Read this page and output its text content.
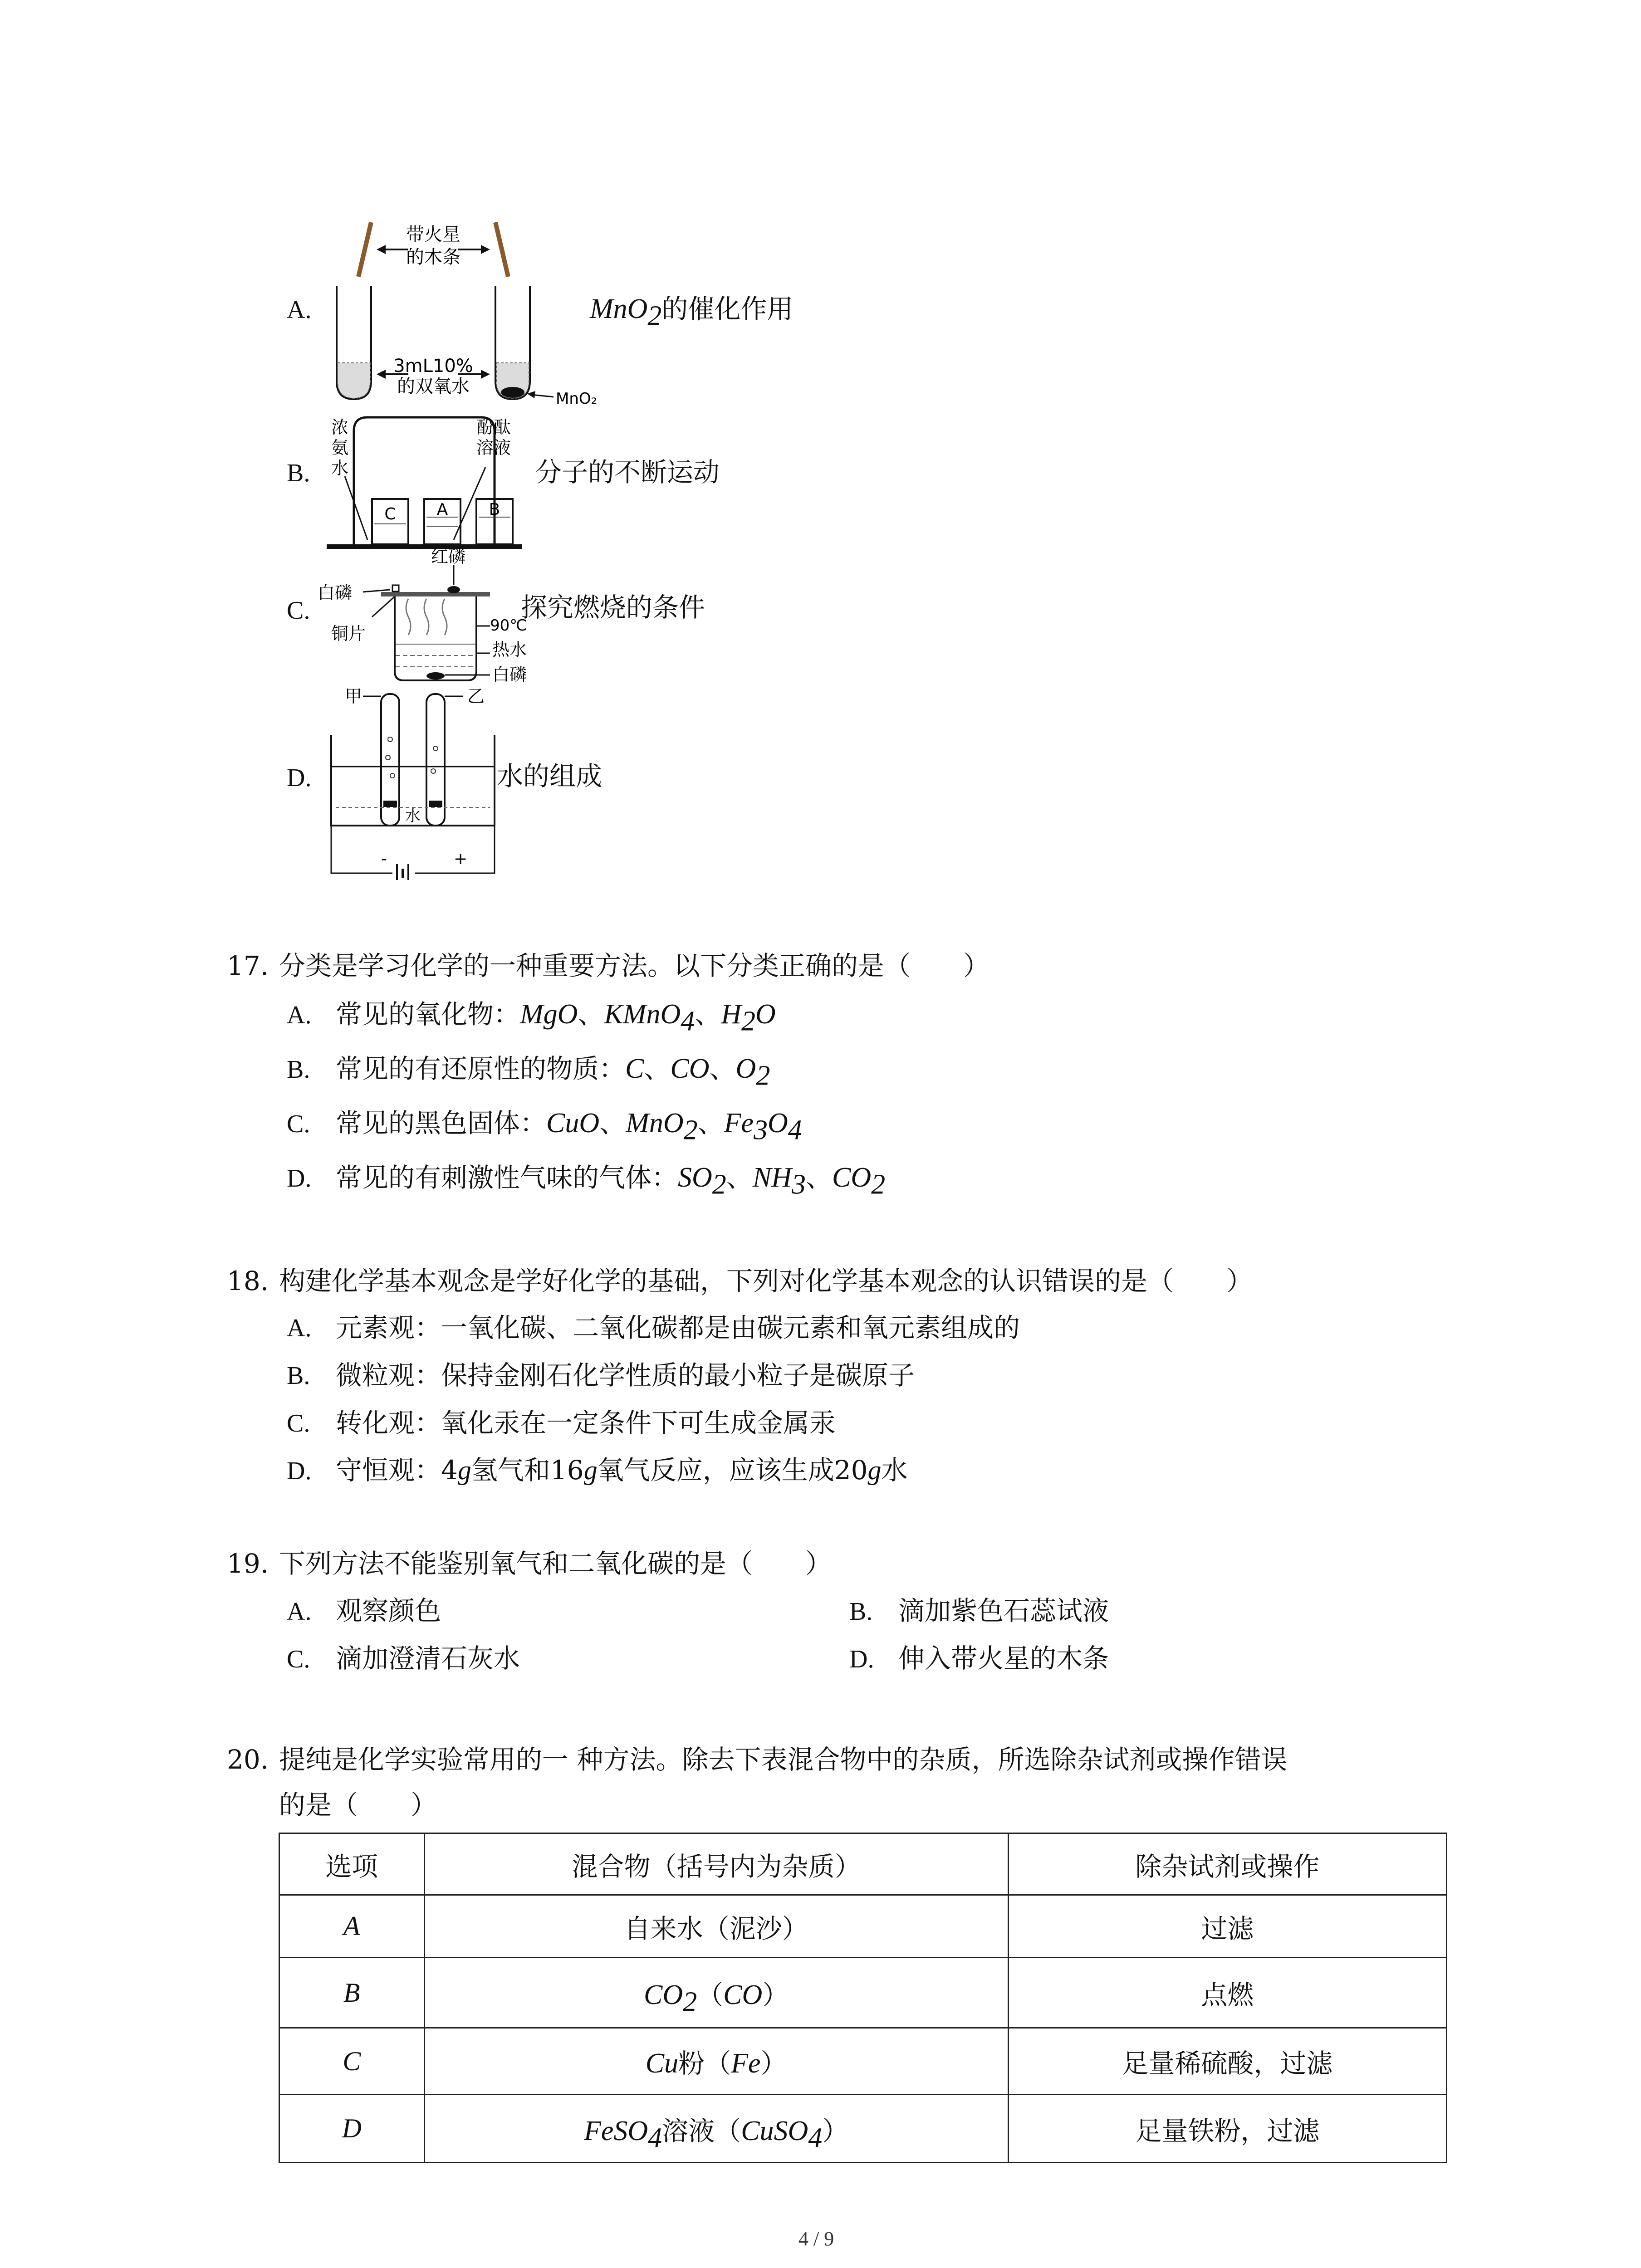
A.
带火星
的木条
3mL10%
的双氧水
MnO₂
MnO$_2$的催化作用
B.
C	A	B
浓
氨
水
酚酞
溶液
分子的不断运动
C.
红磷
白磷
铜片	90℃
热水
白磷
探究燃烧的条件
D.
甲	乙
水
-	+
水的组成
17. 分类是学习化学的一种重要方法。以下分类正确的是（　　）
A. 常见的氧化物：MgO、KMnO$_4$、$H_2O$
B. 常见的有还原性的物质：C、CO、$O_2$
C. 常见的黑色固体：CuO、MnO$_2$、$Fe_3O_4$
D. 常见的有刺激性气味的气体：$SO_2$、$NH_3$、$CO_2$
18. 构建化学基本观念是学好化学的基础，下列对化学基本观念的认识错误的是（　　）
A. 元素观：一氧化碳、二氧化碳都是由碳元素和氧元素组成的
B. 微粒观：保持金刚石化学性质的最小粒子是碳原子
C. 转化观：氧化汞在一定条件下可生成金属汞
D. 守恒观：4g氢气和16g氧气反应，应该生成20g水
19. 下列方法不能鉴别氧气和二氧化碳的是（　　）
A. 观察颜色	B. 滴加紫色石蕊试液
C. 滴加澄清石灰水	D. 伸入带火星的木条
20. 提纯是化学实验常用的一 种方法。除去下表混合物中的杂质，所选除杂试剂或操作错误
的是（　　）
选项	混合物（括号内为杂质）	除杂试剂或操作
A	自来水（泥沙）	过滤
B	$CO_2(CO)$	点燃
C	Cu粉（Fe）	足量稀硫酸，过滤
D	FeSO$_4$溶液（CuSO$_4$）	足量铁粉，过滤
4 / 9
